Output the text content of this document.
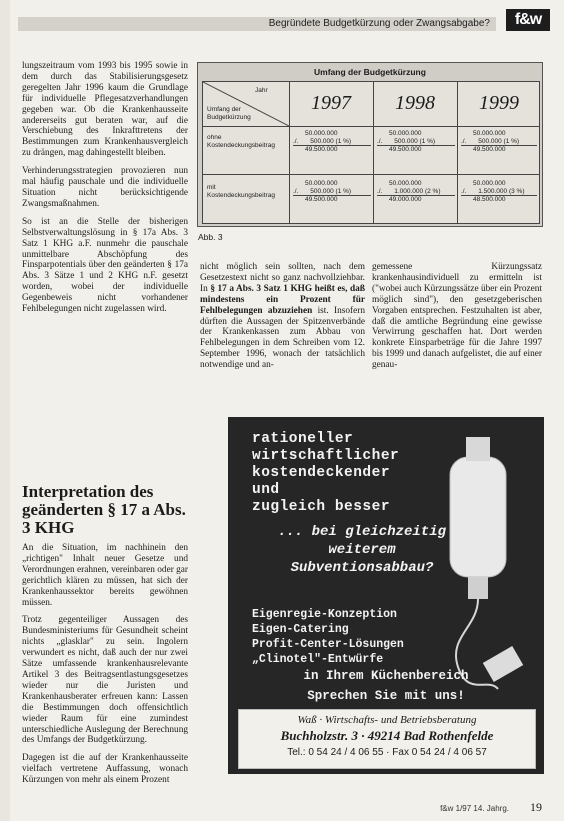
Begründete Budgetkürzung oder Zwangsabgabe?	f&w

lungszeitraum vom 1993 bis 1995 sowie in dem durch das Stabilisierungsgesetz geregelten Jahr 1996 kaum die Grundlage für individuelle Pflegesatzverhandlungen gegeben war. Ob die Krankenhausseite andererseits gut beraten war, auf die Verschiebung des Inkrafttretens der Bestimmungen zum Krankenhausvergleich zu drängen, mag dahingestellt bleiben.

Verhinderungsstrategien provozieren nun mal häufig pauschale und die individuelle Situation nicht berücksichtigende Zwangsmaßnahmen.

So ist an die Stelle der bisherigen Selbstverwaltungslösung in § 17a Abs. 3 Satz 1 KHG a.F. nunmehr die pauschale unmittelbare Abschöpfung des Finsparpotentials über den geänderten § 17a Abs. 3 Sätze 1 und 2 KHG n.F. gesetzt worden, wobei der individuelle Gegenbeweis nicht vorhandener Fehlbelegungen nicht zugelassen wird.

Interpretation des geänderten § 17 a Abs. 3 KHG

An die Situation, im nachhinein den „richtigen" Inhalt neuer Gesetze und Verordnungen erahnen, vereinbaren oder gar gerichtlich klären zu müssen, hat sich der Krankenhaussektor bereits gewöhnen müssen.

Trotz gegenteiliger Aussagen des Bundesministeriums für Gesundheit scheint nichts „glasklar" zu sein. Ingolern verwundert es nicht, daß auch der nur zwei Sätze umfassende krankenhausrelevante Artikel 3 des Beitragsentlastungsgesetzes wieder nur die Juristen und Krankenhausberater erfreuen kann: Lassen die Bestimmungen doch offensichtlich wieder Raum für eine zumindest unterschiedliche Auslegung der Berechnung des Umfangs der Budgetkürzung.

Dagegen ist die auf der Krankenhausseite vielfach vertretene Auffassung, wonach Kürzungen von mehr als einem Prozent

Umfang der Budgetkürzung
Jahr
Umfang der Budgetkürzung
1997 1998 1999
ohne Kostendeckungsbeitrag
mit Kostendeckungsbeitrag
50.000.000
./. 500.000 (1 %)
49.500.000
50.000.000
./. 500.000 (1 %)
49.500.000
50.000.000
./. 500.000 (1 %)
49.500.000
50.000.000
./. 500.000 (1 %)
49.500.000
50.000.000
./. 1.000.000 (2 %)
49.000.000
50.000.000
./. 1.500.000 (3 %)
48.500.000
Abb. 3

nicht möglich sein sollten, nach dem Gesetzestext nicht so ganz nachvollziehbar. In § 17 a Abs. 3 Satz 1 KHG heißt es, daß mindestens ein Prozent für Fehlbelegungen abzuziehen ist. Insofern dürften die Aussagen der Spitzenverbände der Krankenkassen zum Abbau von Fehlbelegungen in dem Schreiben vom 12. September 1996, wonach der tatsächlich notwendige und an-

gemessene Kürzungssatz krankenhausindividuell zu ermitteln ist ("wobei auch Kürzungssätze über ein Prozent möglich sind"), den gesetzgeberischen Vorgaben entsprechen. Festzuhalten ist aber, daß die amtliche Begründung eine gewisse Verwirrung geschaffen hat. Dort werden konkrete Einsparbeträge für die Jahre 1997 bis 1999 und danach aufgelistet, die auf einer genau-

rationeller
wirtschaftlicher
kostendeckender
und
zugleich besser
... bei gleichzeitig
weiterem
Subventionsabbau?

Eigenregie-Konzeption

Eigen-Catering

Profit-Center-Lösungen

„Clinotel"-Entwürfe

in Ihrem Küchenbereich
Sprechen Sie mit uns!
Waß · Wirtschafts- und Betriebsberatung
Buchholzstr. 3 · 49214 Bad Rothenfelde
Tel.: 0 54 24 / 4 06 55 · Fax 0 54 24 / 4 06 57
f&w 1/97 14. Jahrg. 19
